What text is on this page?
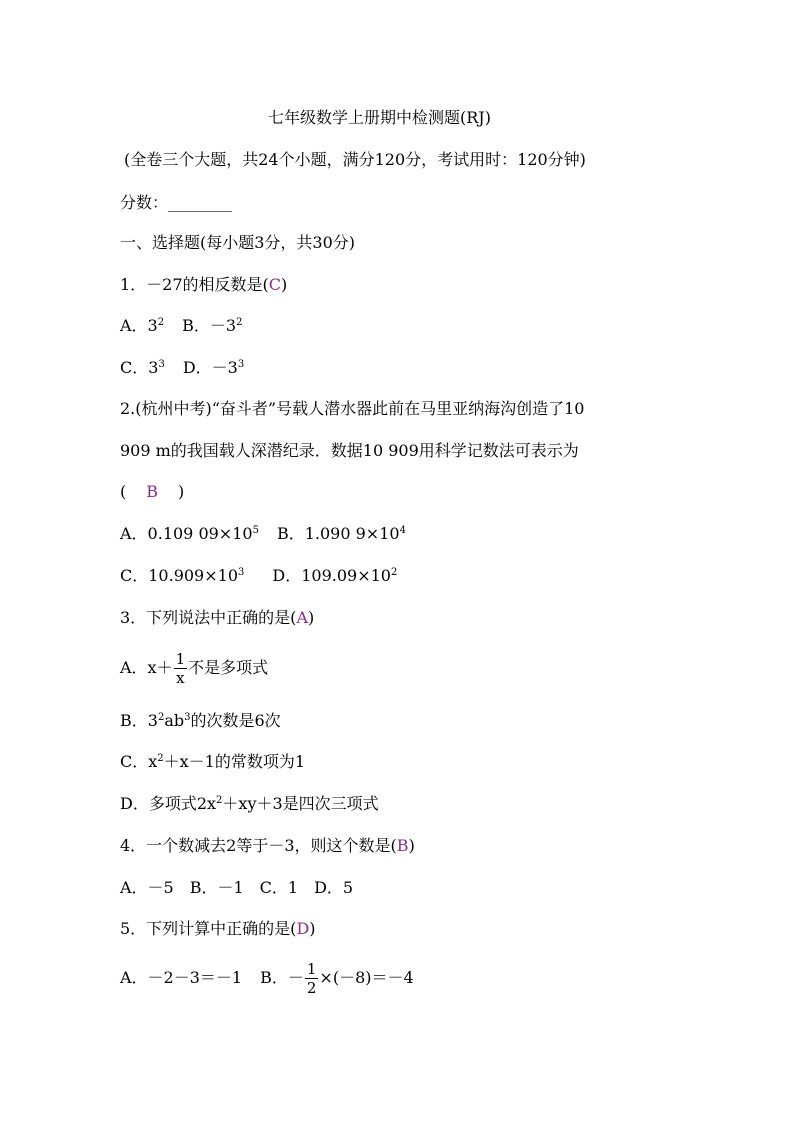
七年级数学上册期中检测题(RJ)
(全卷三个大题，共24个小题，满分120分，考试用时：120分钟)
分数：________
一、选择题(每小题3分，共30分)
1．－27的相反数是(C)
A．$3^2$ B．$-3^2$
C．$3^3$ D．$-3^3$
2.(杭州中考)“奋斗者”号载人潜水器此前在马里亚纳海沟创造了10
909 m的我国载人深潜纪录．数据10 909用科学记数法可表示为
( B )
A．0.109 $09\times 10^5$ B．1.090 $9\times 10^4$
C．$10.909\times 10^3$ D．$109.09\times 10^2$
3．下列说法中正确的是(A)
A．$x+ \frac{1}{x}$ 不是多项式
B．$3^2ab^3$的次数是6次
C．$x^2+x-1$的常数项为1
D．多项式$2x^2+xy+3$是四次三项式
4．一个数减去2等于－3，则这个数是(B)
A．－5　B．－1　C．1　D．5
5．下列计算中正确的是(D)
A．－2－3＝－1 B．－ $\frac{1}{2} \times(-8)=-4$
